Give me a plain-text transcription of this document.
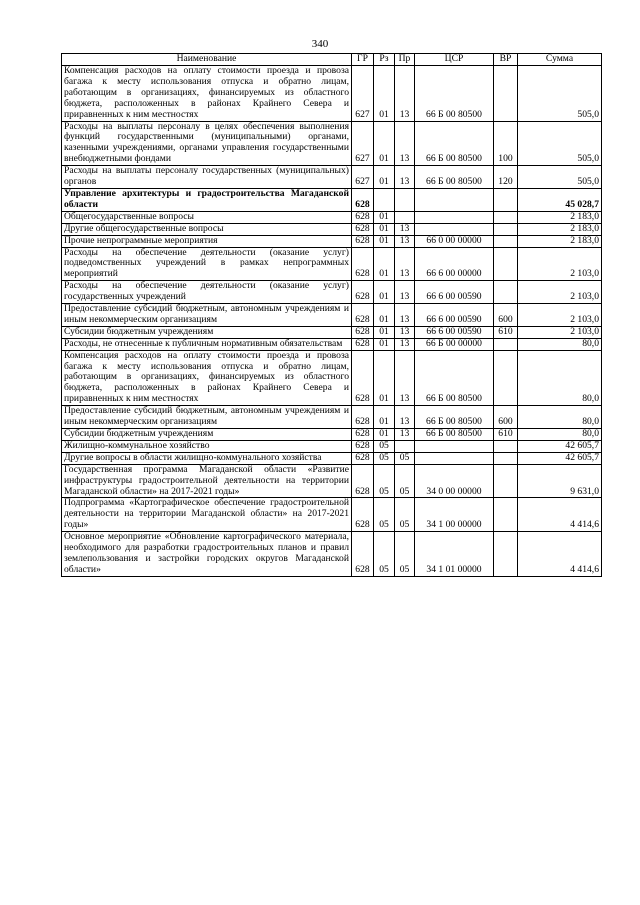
340
Наименование	ГР	Рз	Пр	ЦСР	ВР	Сумма
Компенсация расходов на оплату стоимости проезда и провоза багажа к месту использования отпуска и обратно лицам, работающим в организациях, финансируемых из областного бюджета, расположенных в районах Крайнего Севера и приравненных к ним местностях	627	01	13	66 Б 00 80500		505,0
Расходы на выплаты персоналу в целях обеспечения выполнения функций государственными (муниципальными) органами, казенными учреждениями, органами управления государственными внебюджетными фондами	627	01	13	66 Б 00 80500	100	505,0
Расходы на выплаты персоналу государственных (муниципальных) органов	627	01	13	66 Б 00 80500	120	505,0
Управление архитектуры и градостроительства Магаданской области	628					45 028,7
Общегосударственные вопросы	628	01				2 183,0
Другие общегосударственные вопросы	628	01	13			2 183,0
Прочие непрограммные мероприятия	628	01	13	66 0 00 00000		2 183,0
Расходы на обеспечение деятельности (оказание услуг) подведомственных учреждений в рамках непрограммных мероприятий	628	01	13	66 6 00 00000		2 103,0
Расходы на обеспечение деятельности (оказание услуг) государственных учреждений	628	01	13	66 6 00 00590		2 103,0
Предоставление субсидий бюджетным, автономным учреждениям и иным некоммерческим организациям	628	01	13	66 6 00 00590	600	2 103,0
Субсидии бюджетным учреждениям	628	01	13	66 6 00 00590	610	2 103,0
Расходы, не отнесенные к публичным нормативным обязательствам	628	01	13	66 Б 00 00000		80,0
Компенсация расходов на оплату стоимости проезда и провоза багажа к месту использования отпуска и обратно лицам, работающим в организациях, финансируемых из областного бюджета, расположенных в районах Крайнего Севера и приравненных к ним местностях	628	01	13	66 Б 00 80500		80,0
Предоставление субсидий бюджетным, автономным учреждениям и иным некоммерческим организациям	628	01	13	66 Б 00 80500	600	80,0
Субсидии бюджетным учреждениям	628	01	13	66 Б 00 80500	610	80,0
Жилищно-коммунальное хозяйство	628	05				42 605,7
Другие вопросы в области жилищно-коммунального хозяйства	628	05	05			42 605,7
Государственная программа Магаданской области «Развитие инфраструктуры градостроительной деятельности на территории Магаданской области» на 2017-2021 годы»	628	05	05	34 0 00 00000		9 631,0
Подпрограмма «Картографическое обеспечение градостроительной деятельности на территории Магаданской области» на 2017-2021 годы»	628	05	05	34 1 00 00000		4 414,6
Основное мероприятие «Обновление картографического материала, необходимого для разработки градостроительных планов и правил землепользования и застройки городских округов Магаданской области»	628	05	05	34 1 01 00000		4 414,6
